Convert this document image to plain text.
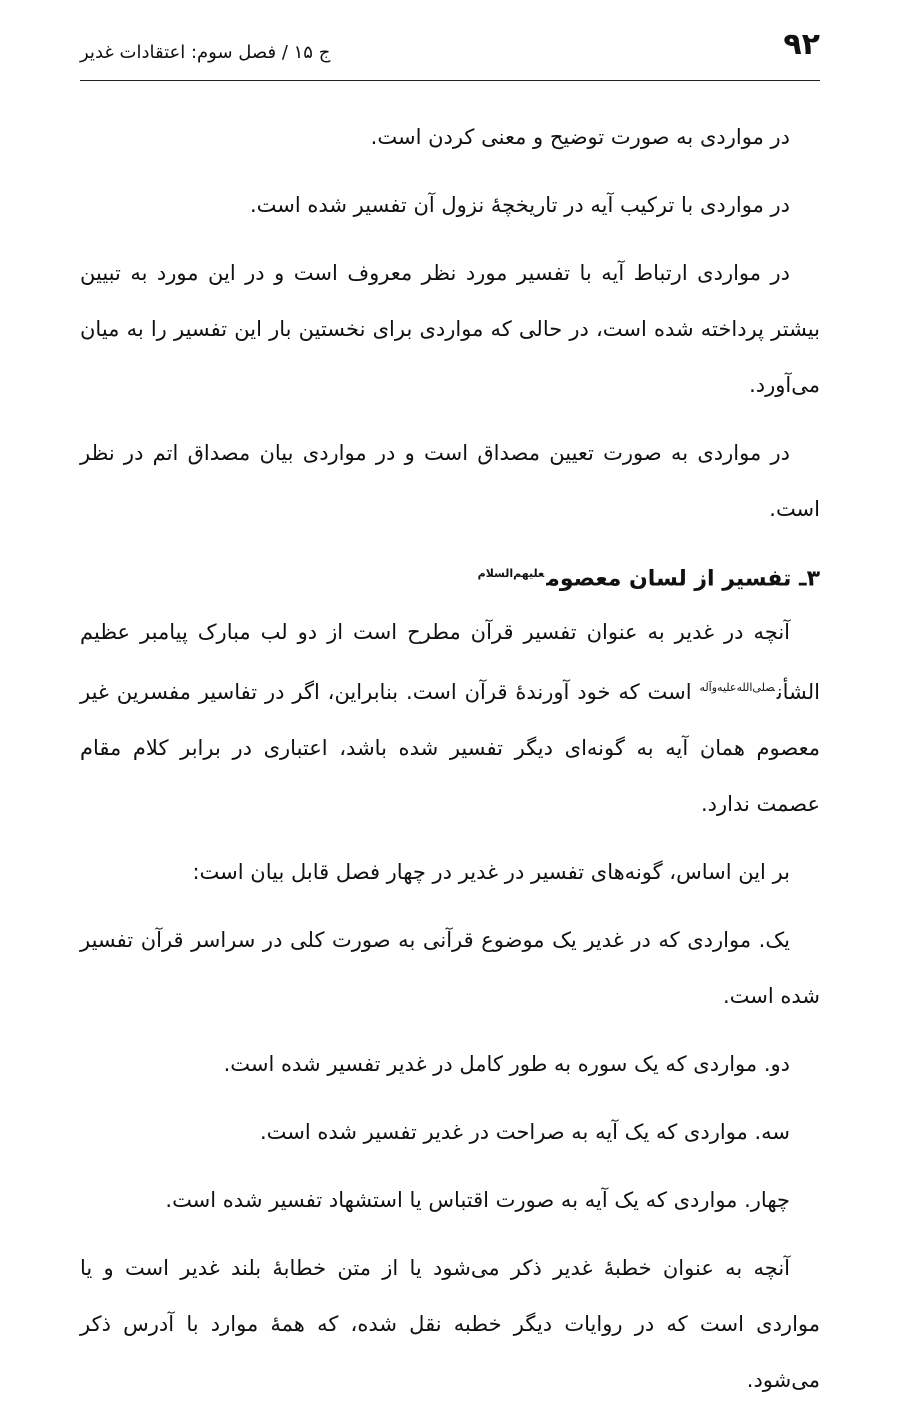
۹۲
ج ۱۵ / فصل سوم: اعتقادات غدیر

در مواردی به صورت توضیح و معنی کردن است.

در مواردی با ترکیب آیه در تاریخچهٔ نزول آن تفسیر شده است.

در مواردی ارتباط آیه با تفسیر مورد نظر معروف است و در این مورد به تبیین بیشتر پرداخته شده است، در حالی که مواردی برای نخستین بار این تفسیر را به میان می‌آورد.

در مواردی به صورت تعیین مصداق است و در مواردی بیان مصداق اتم در نظر است.

۳ـ تفسیر از لسان معصوم$^{علیهم‌السلام}$

آنچه در غدیر به عنوان تفسیر قرآن مطرح است از دو لب مبارک پیامبر عظیم الشأن$^{صلی‌الله‌علیه‌وآله}$ است که خود آورندهٔ قرآن است. بنابراین، اگر در تفاسیر مفسرین غیر معصوم همان آیه به گونه‌ای دیگر تفسیر شده باشد، اعتباری در برابر کلام مقام عصمت ندارد.

بر این اساس، گونه‌های تفسیر در غدیر در چهار فصل قابل بیان است:

یک. مواردی که در غدیر یک موضوع قرآنی به صورت کلی در سراسر قرآن تفسیر شده است.

دو. مواردی که یک سوره به طور کامل در غدیر تفسیر شده است.

سه. مواردی که یک آیه به صراحت در غدیر تفسیر شده است.

چهار. مواردی که یک آیه به صورت اقتباس یا استشهاد تفسیر شده است.

آنچه به عنوان خطبهٔ غدیر ذکر می‌شود یا از متن خطابهٔ بلند غدیر است و یا مواردی است که در روایات دیگر خطبه نقل شده، که همهٔ موارد با آدرس ذکر می‌شود.
